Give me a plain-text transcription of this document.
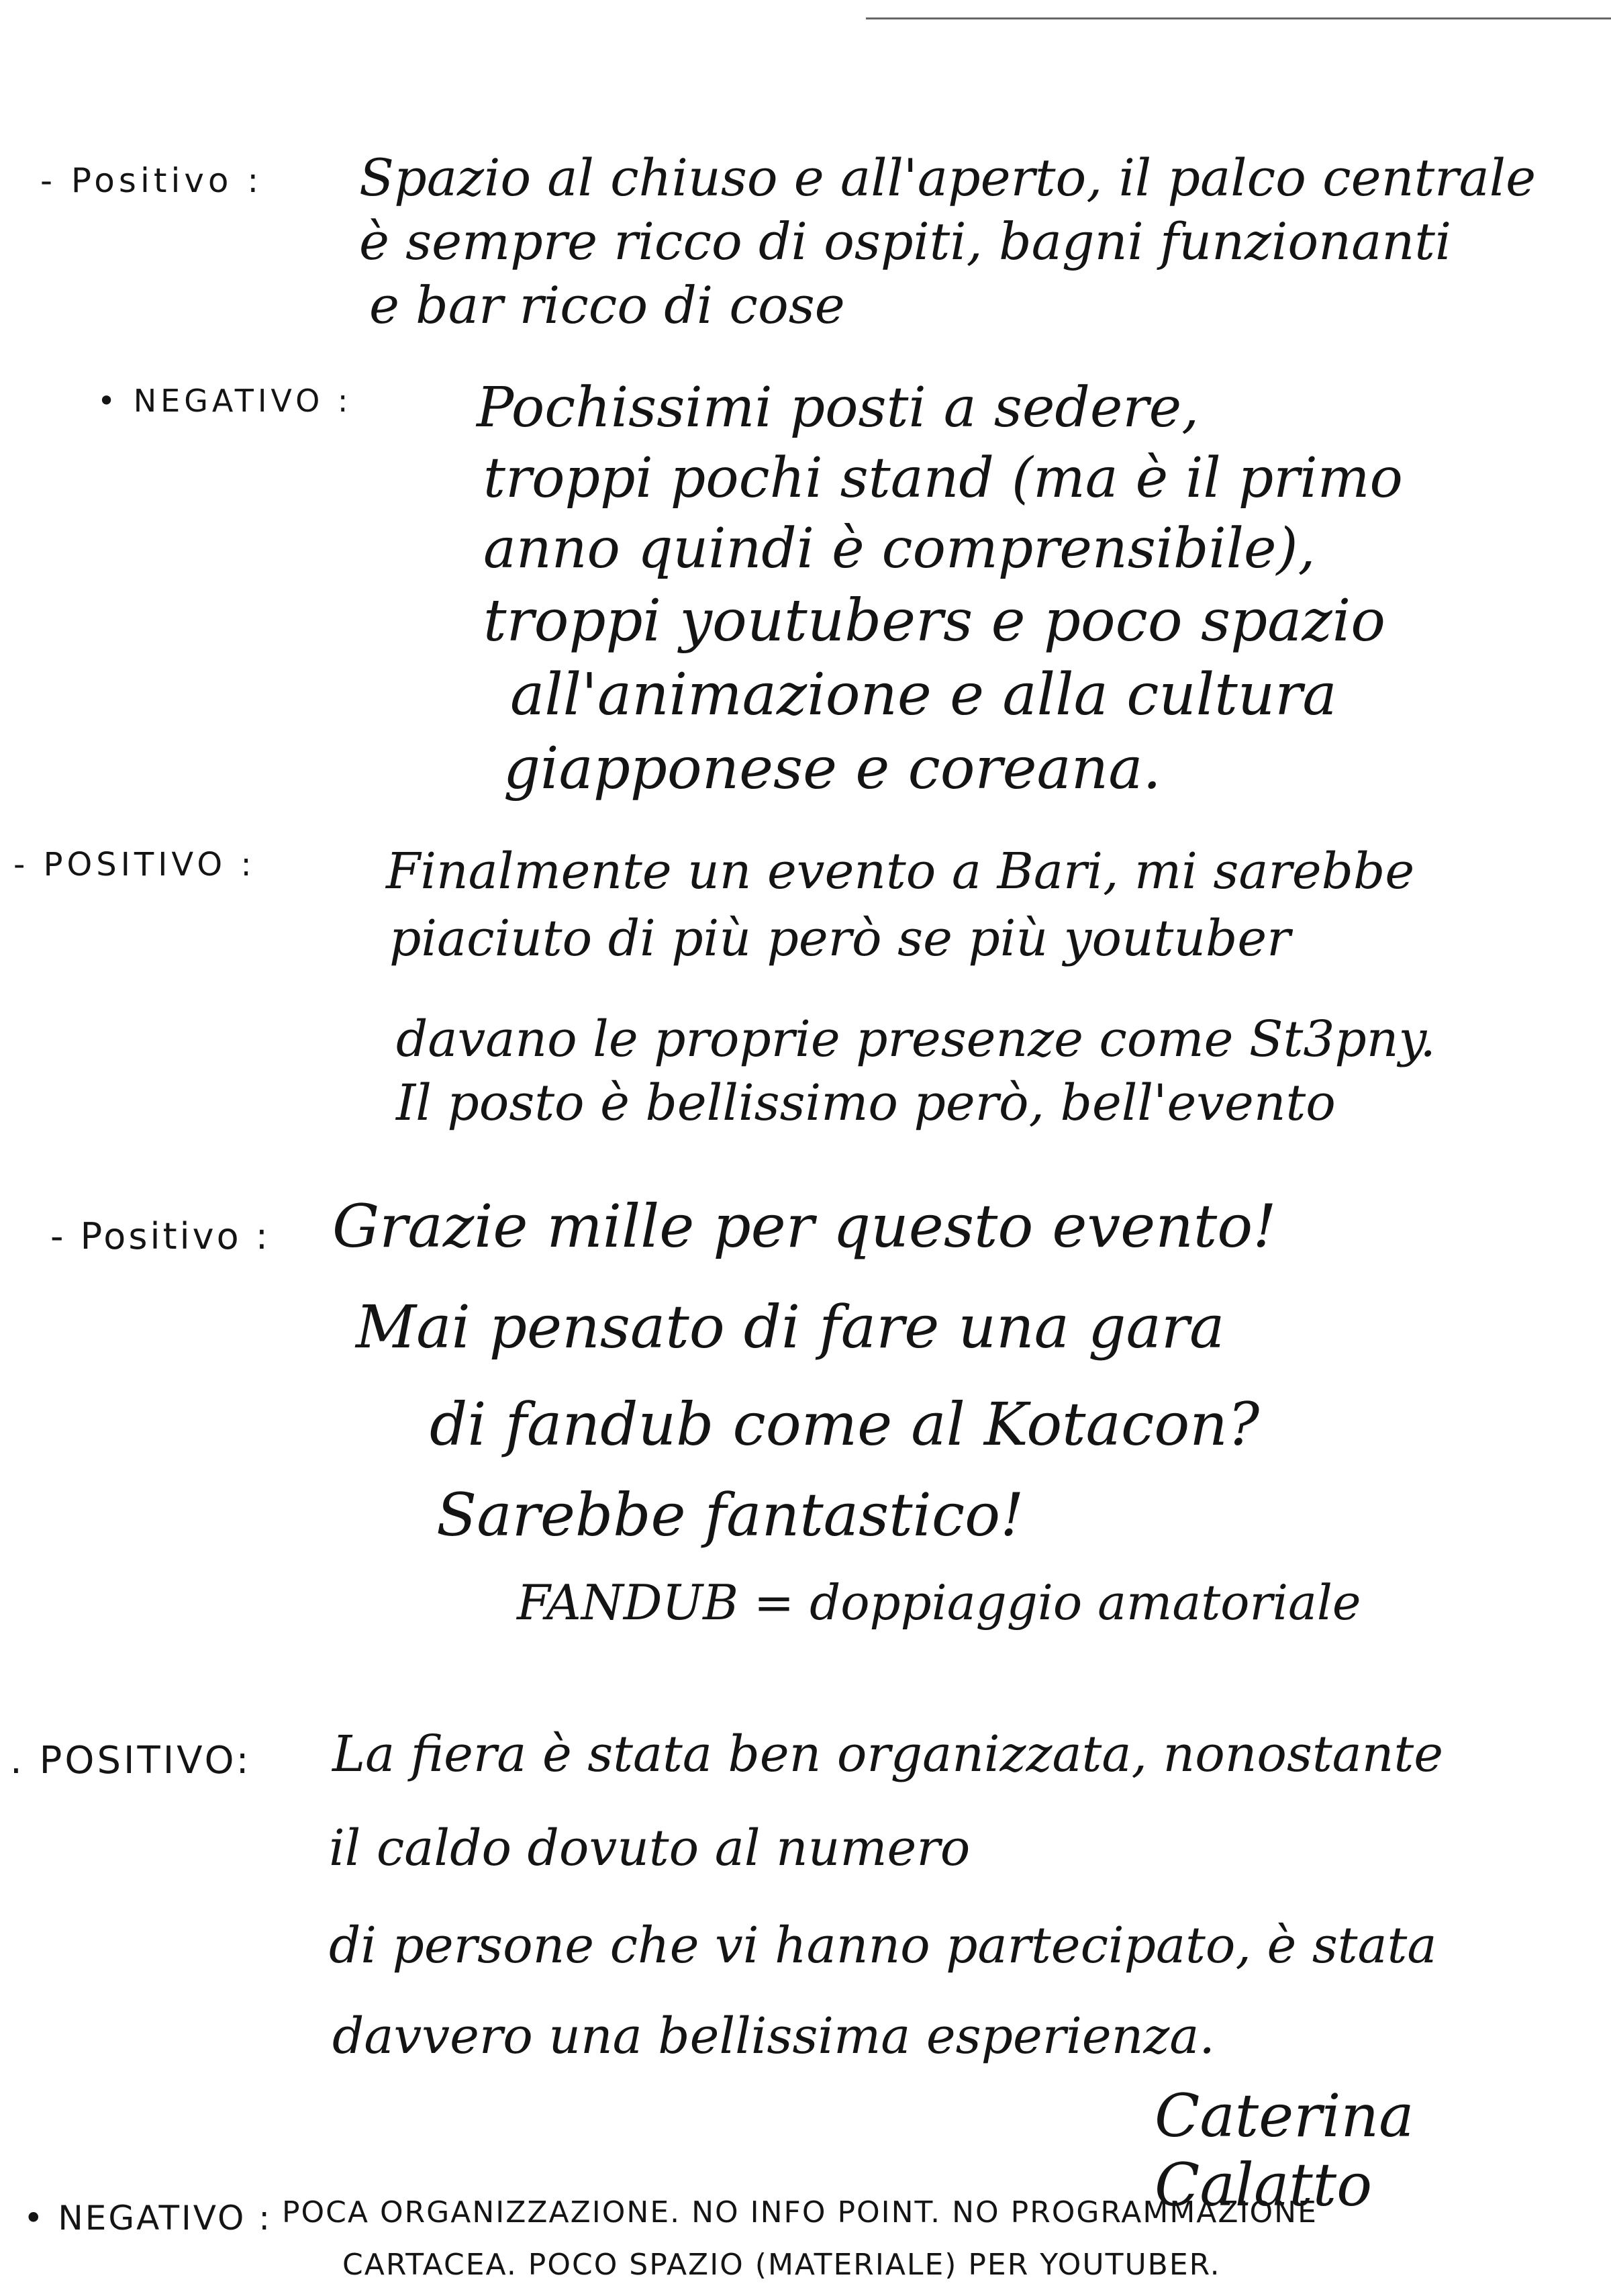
- Positivo : Spazio al chiuso e all'aperto, il palco centrale
è sempre ricco di ospiti, bagni funzionanti
e bar ricco di cose
• NEGATIVO : Pochissimi posti a sedere,
troppi pochi stand (ma è il primo
anno quindi è comprensibile),
troppi youtubers e poco spazio
all'animazione e alla cultura
giapponese e coreana.
- POSITIVO :	Finalmente un evento a Bari, mi sarebbe
piaciuto di più però se più youtuber
davano le proprie presenze come St3pny.
Il posto è bellissimo però, bell'evento
- Positivo : Grazie mille per questo evento!
Mai pensato di fare una gara
di fandub come al Kotacon?
Sarebbe fantastico!
FANDUB = doppiaggio amatoriale
. POSITIVO: La fiera è stata ben organizzata, nonostante
il caldo dovuto al numero
di persone che vi hanno partecipato, è stata
davvero una bellissima esperienza.
Caterina Calatto
• NEGATIVO : POCA ORGANIZZAZIONE. NO INFO POINT. NO PROGRAMMAZIONE
CARTACEA. POCO SPAZIO (MATERIALE) PER YOUTUBER.
